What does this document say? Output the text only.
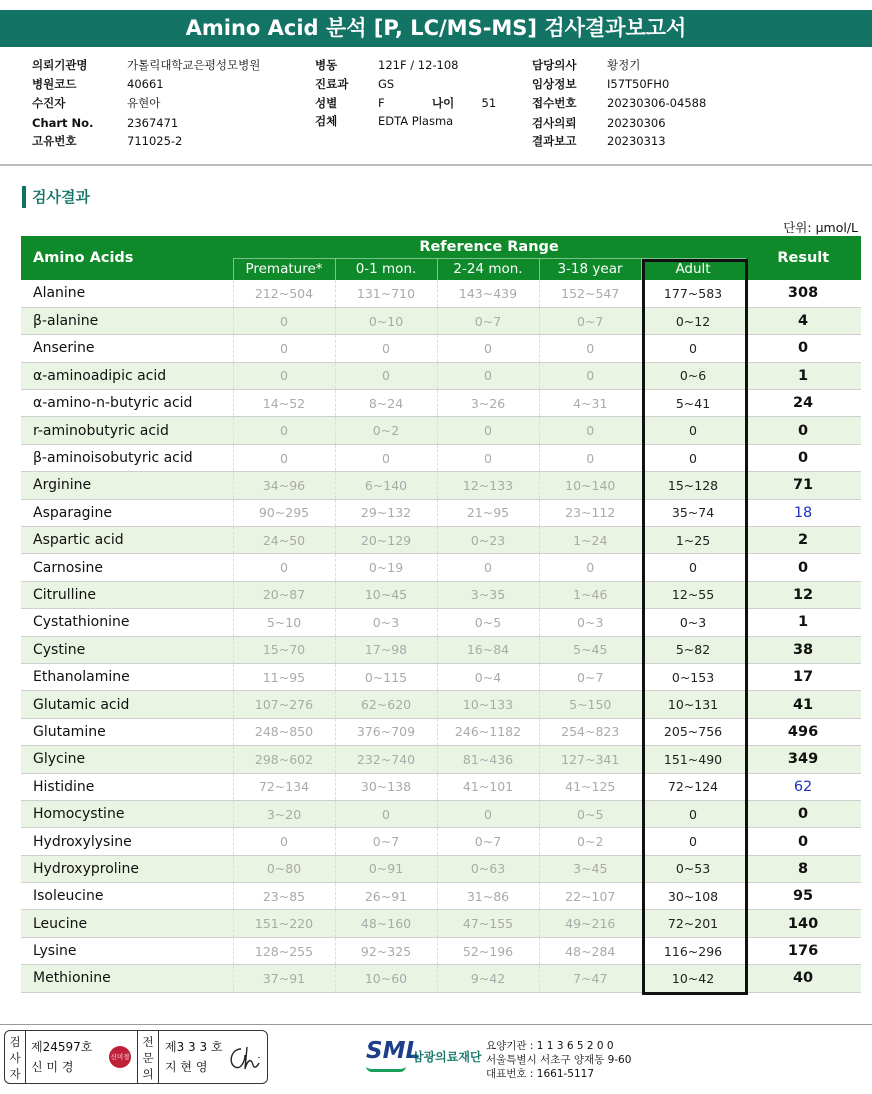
Amino Acid 분석 [P, LC/MS-MS] 검사결과보고서
의뢰기관명	가톨릭대학교은평성모병원
병원코드	40661
수진자	유현아
Chart No.	2367471
고유번호	711025-2
병동	121F / 12-108
진료과	GS
성별	F
검체	EDTA Plasma
담당의사	황정기
임상정보	I57T50FH0
접수번호	20230306-04588
검사의뢰	20230306
결과보고	20230313
나이 51
검사결과
단위: μmol/L
Amino Acids	Reference Range					Result
	Premature*	0-1 mon.	2-24 mon.	3-18 year	Adult	
Alanine	212~504	131~710	143~439	152~547	177~583	308
β-alanine	0	0~10	0~7	0~7	0~12	4
Anserine	0	0	0	0	0	0
α-aminoadipic acid	0	0	0	0	0~6	1
α-amino-n-butyric acid	14~52	8~24	3~26	4~31	5~41	24
r-aminobutyric acid	0	0~2	0	0	0	0
β-aminoisobutyric acid	0	0	0	0	0	0
Arginine	34~96	6~140	12~133	10~140	15~128	71
Asparagine	90~295	29~132	21~95	23~112	35~74	18
Aspartic acid	24~50	20~129	0~23	1~24	1~25	2
Carnosine	0	0~19	0	0	0	0
Citrulline	20~87	10~45	3~35	1~46	12~55	12
Cystathionine	5~10	0~3	0~5	0~3	0~3	1
Cystine	15~70	17~98	16~84	5~45	5~82	38
Ethanolamine	11~95	0~115	0~4	0~7	0~153	17
Glutamic acid	107~276	62~620	10~133	5~150	10~131	41
Glutamine	248~850	376~709	246~1182	254~823	205~756	496
Glycine	298~602	232~740	81~436	127~341	151~490	349
Histidine	72~134	30~138	41~101	41~125	72~124	62
Homocystine	3~20	0	0	0~5	0	0
Hydroxylysine	0	0~7	0~7	0~2	0	0
Hydroxyproline	0~80	0~91	0~63	3~45	0~53	8
Isoleucine	23~85	26~91	31~86	22~107	30~108	95
Leucine	151~220	48~160	47~155	49~216	72~201	140
Lysine	128~255	92~325	52~196	48~284	116~296	176
Methionine	37~91	10~60	9~42	7~47	10~42	40
검사자
제24597호
신 미 경
신미경
전문의
제3 3 3 호
지 현 영
SML
삼광의료재단
요양기관 : 1 1 3 6 5 2 0 0
서울특별시 서초구 양재동 9-60
대표번호 : 1661-5117
